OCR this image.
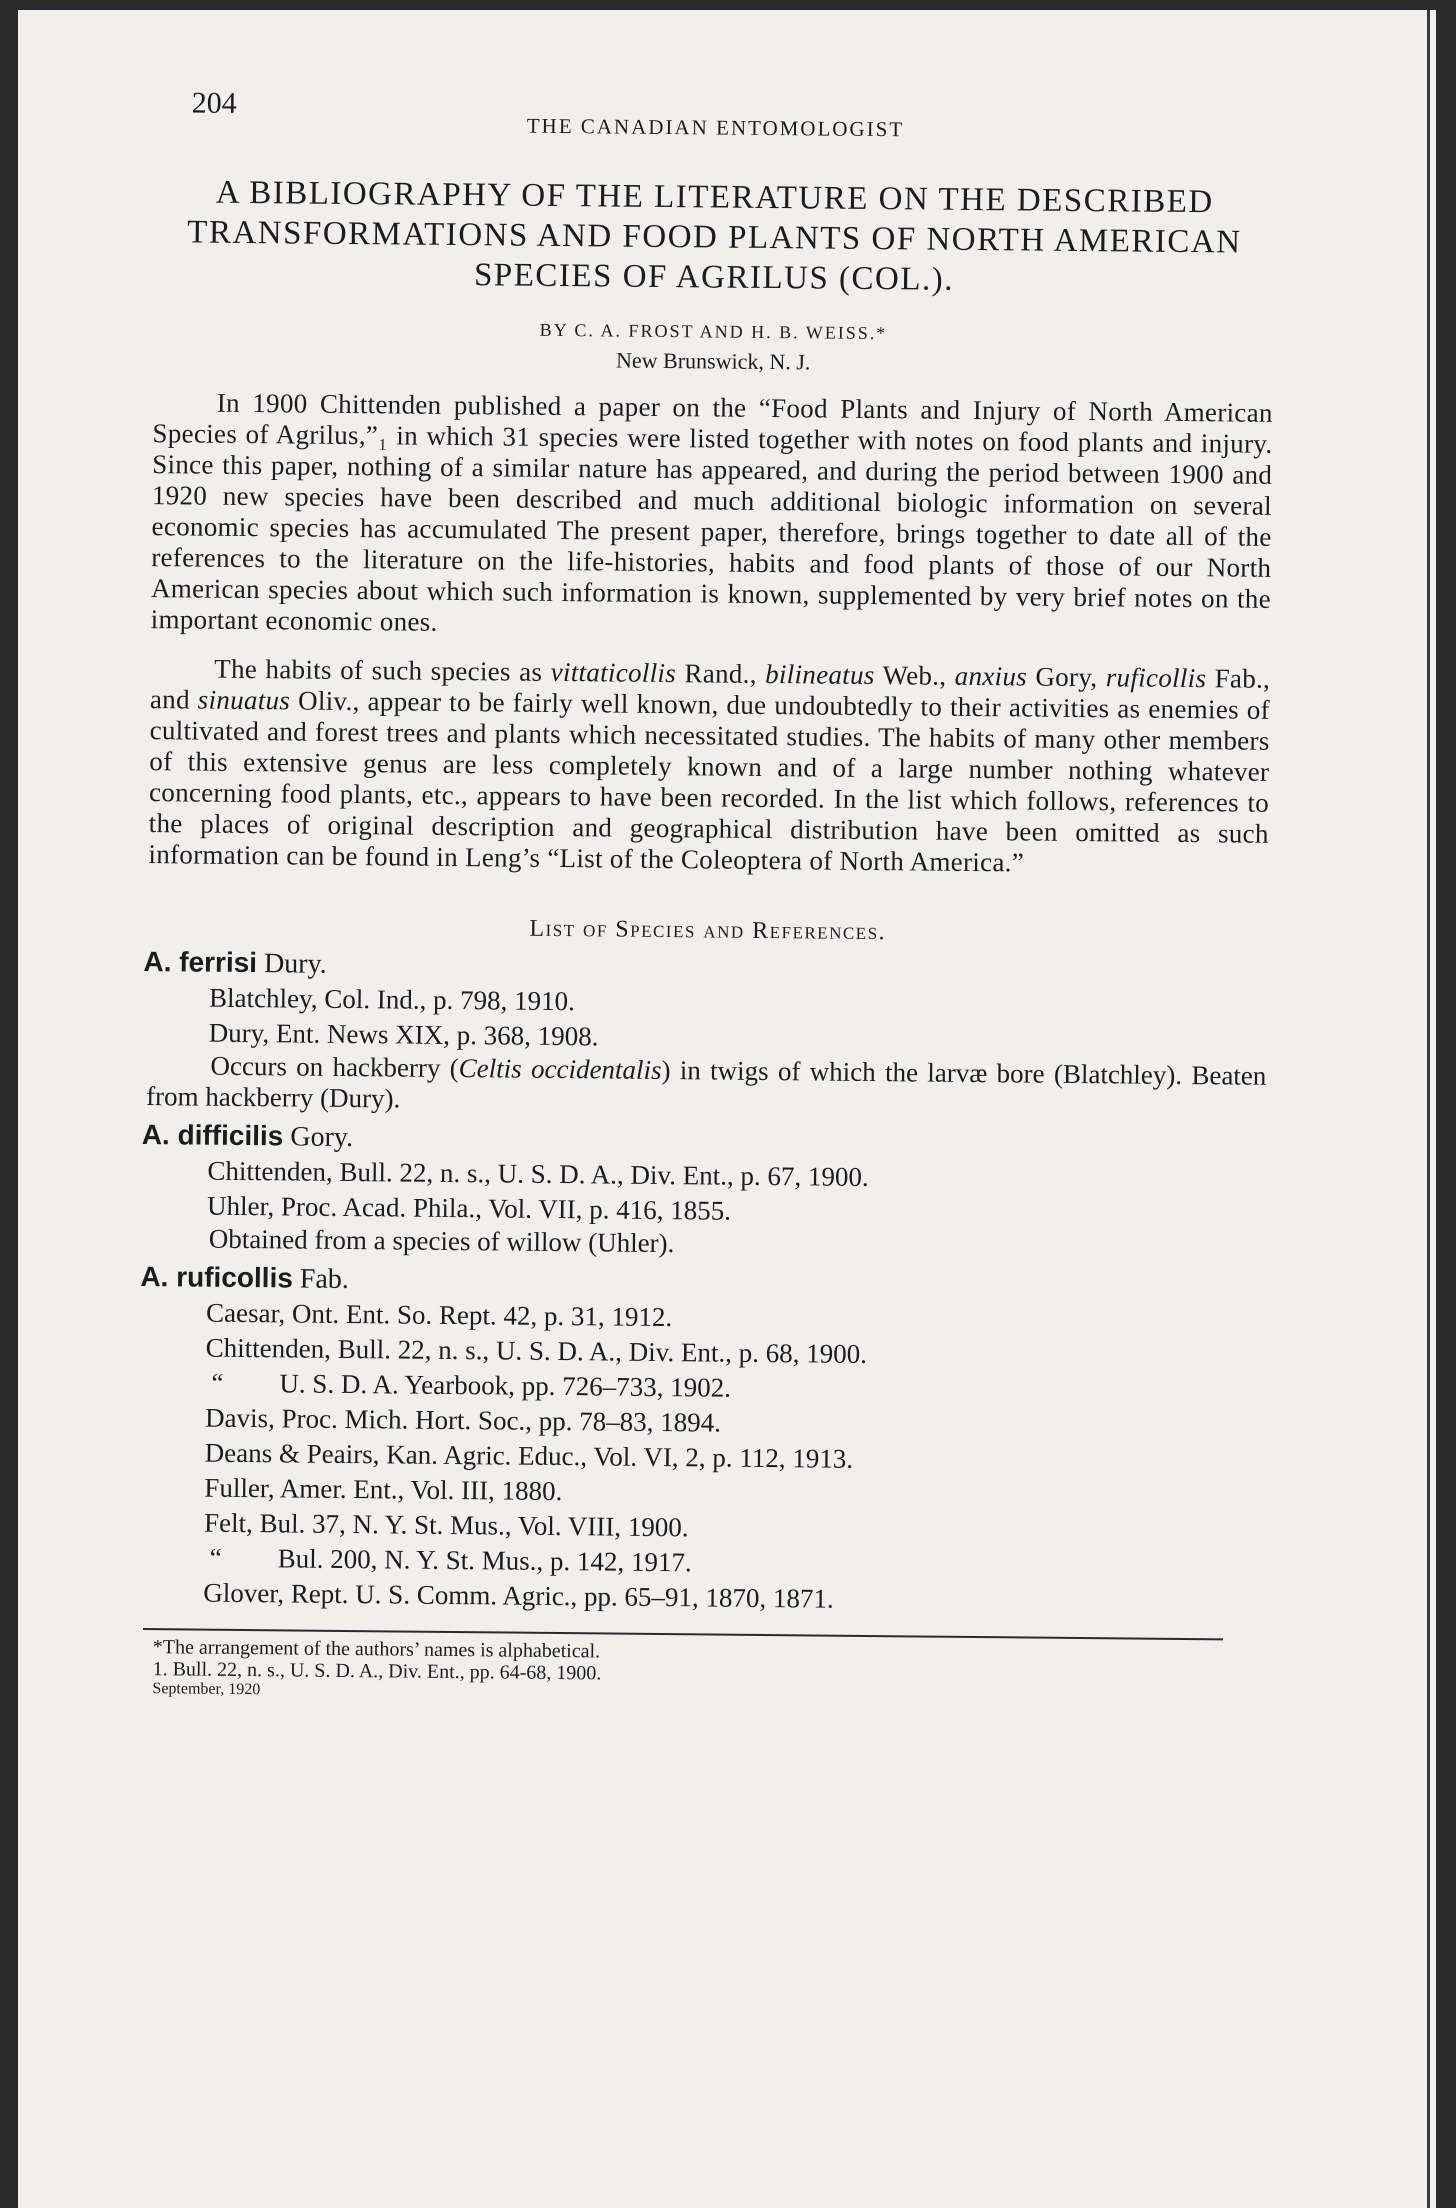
204
THE CANADIAN ENTOMOLOGIST
A BIBLIOGRAPHY OF THE LITERATURE ON THE DESCRIBED TRANSFORMATIONS AND FOOD PLANTS OF NORTH AMERICAN SPECIES OF AGRILUS (COL.).
BY C. A. FROST AND H. B. WEISS.*
New Brunswick, N. J.

In 1900 Chittenden published a paper on the “Food Plants and Injury of North American Species of Agrilus,”₁ in which 31 species were listed together with notes on food plants and injury. Since this paper, nothing of a similar nature has appeared, and during the period between 1900 and 1920 new species have been described and much additional biologic information on several economic species has accumulated The present paper, therefore, brings together to date all of the references to the literature on the life-histories, habits and food plants of those of our North American species about which such information is known, supplemented by very brief notes on the important economic ones.

The habits of such species as vittaticollis Rand., bilineatus Web., anxius Gory, ruficollis Fab., and sinuatus Oliv., appear to be fairly well known, due undoubtedly to their activities as enemies of cultivated and forest trees and plants which necessitated studies. The habits of many other members of this extensive genus are less completely known and of a large number nothing whatever concerning food plants, etc., appears to have been recorded. In the list which follows, references to the places of original description and geographical distribution have been omitted as such information can be found in Leng’s “List of the Coleoptera of North America.”

List of Species and References.
A. ferrisi Dury.
Blatchley, Col. Ind., p. 798, 1910.
Dury, Ent. News XIX, p. 368, 1908.
Occurs on hackberry (Celtis occidentalis) in twigs of which the larvæ bore (Blatchley). Beaten from hackberry (Dury).
A. difficilis Gory.
Chittenden, Bull. 22, n. s., U. S. D. A., Div. Ent., p. 67, 1900.
Uhler, Proc. Acad. Phila., Vol. VII, p. 416, 1855.
Obtained from a species of willow (Uhler).
A. ruficollis Fab.
Caesar, Ont. Ent. So. Rept. 42, p. 31, 1912.
Chittenden, Bull. 22, n. s., U. S. D. A., Div. Ent., p. 68, 1900.
“ U. S. D. A. Yearbook, pp. 726–733, 1902.
Davis, Proc. Mich. Hort. Soc., pp. 78–83, 1894.
Deans & Peairs, Kan. Agric. Educ., Vol. VI, 2, p. 112, 1913.
Fuller, Amer. Ent., Vol. III, 1880.
Felt, Bul. 37, N. Y. St. Mus., Vol. VIII, 1900.
“ Bul. 200, N. Y. St. Mus., p. 142, 1917.
Glover, Rept. U. S. Comm. Agric., pp. 65–91, 1870, 1871.
*The arrangement of the authors’ names is alphabetical.
1. Bull. 22, n. s., U. S. D. A., Div. Ent., pp. 64-68, 1900.
September, 1920
